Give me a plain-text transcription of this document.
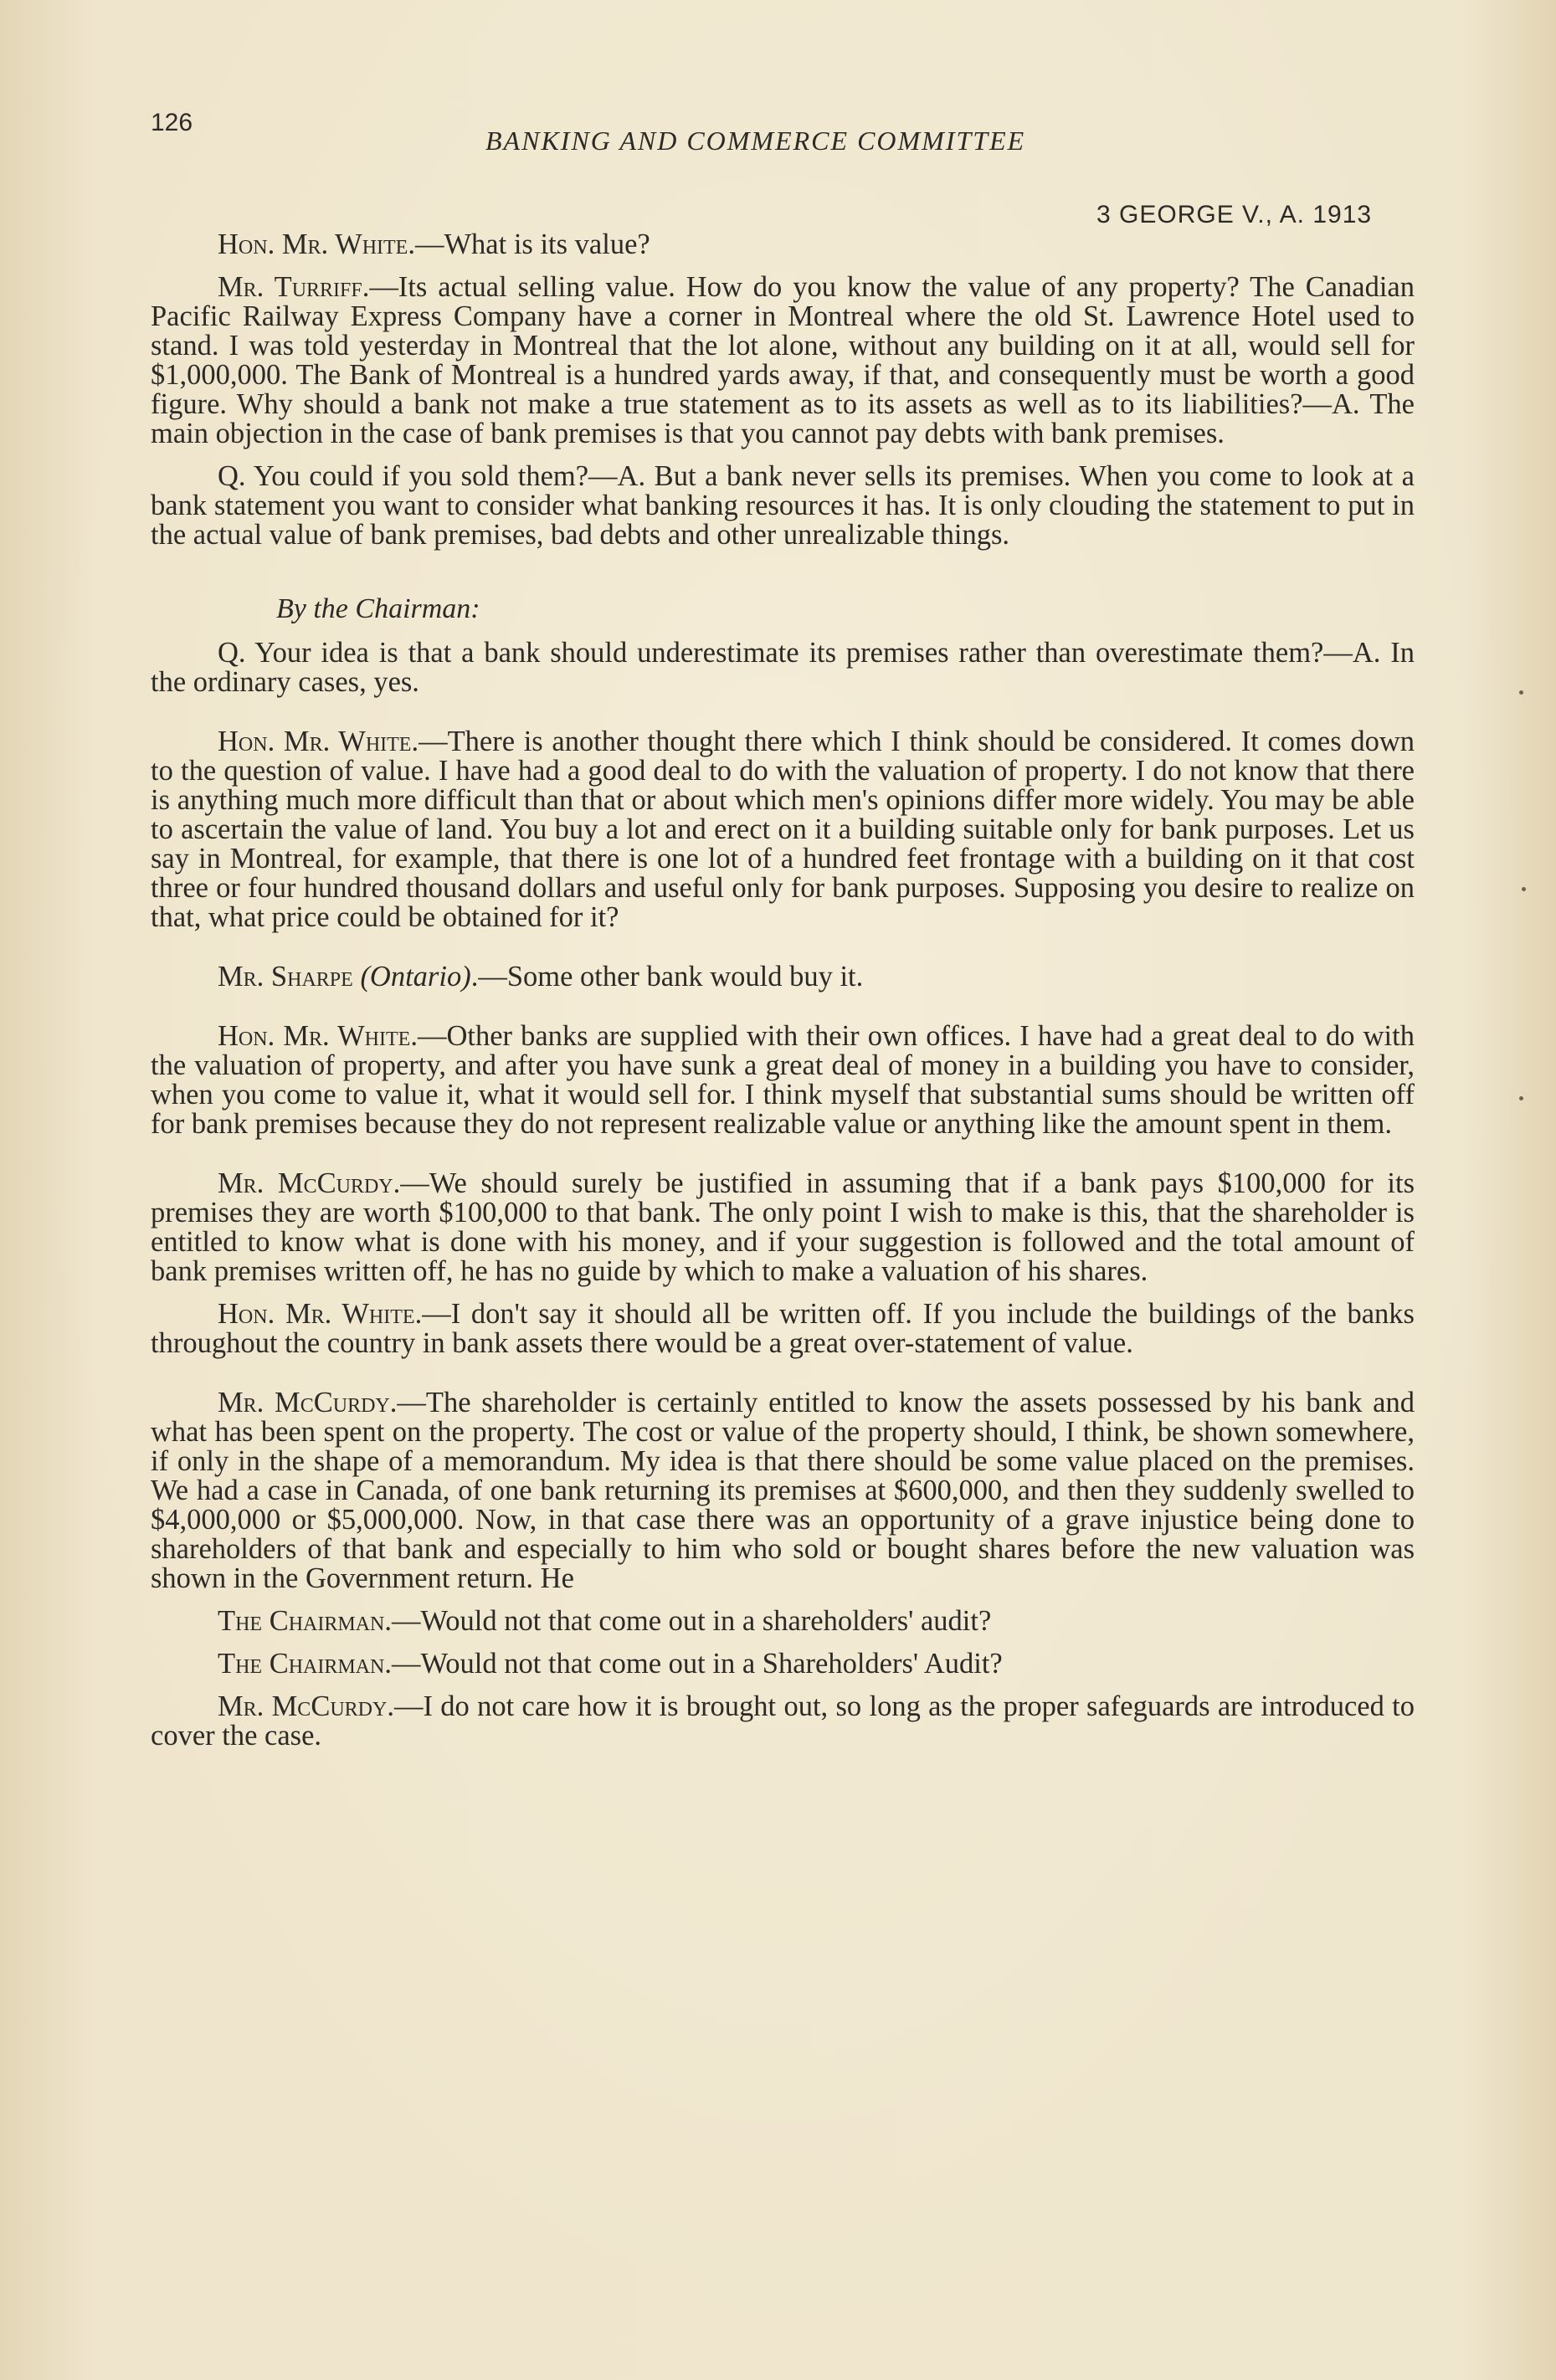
126
BANKING AND COMMERCE COMMITTEE
3 GEORGE V., A. 1913

Hon. Mr. White.—What is its value?

Mr. Turriff.—Its actual selling value. How do you know the value of any property? The Canadian Pacific Railway Express Company have a corner in Montreal where the old St. Lawrence Hotel used to stand. I was told yesterday in Montreal that the lot alone, without any building on it at all, would sell for $1,000,000. The Bank of Montreal is a hundred yards away, if that, and consequently must be worth a good figure. Why should a bank not make a true statement as to its assets as well as to its liabilities?—A. The main objection in the case of bank premises is that you cannot pay debts with bank premises.

Q. You could if you sold them?—A. But a bank never sells its premises. When you come to look at a bank statement you want to consider what banking resources it has. It is only clouding the statement to put in the actual value of bank premises, bad debts and other unrealizable things.

By the Chairman:

Q. Your idea is that a bank should underestimate its premises rather than overestimate them?—A. In the ordinary cases, yes.

Hon. Mr. White.—There is another thought there which I think should be considered. It comes down to the question of value. I have had a good deal to do with the valuation of property. I do not know that there is anything much more difficult than that or about which men's opinions differ more widely. You may be able to ascertain the value of land. You buy a lot and erect on it a building suitable only for bank purposes. Let us say in Montreal, for example, that there is one lot of a hundred feet frontage with a building on it that cost three or four hundred thousand dollars and useful only for bank purposes. Supposing you desire to realize on that, what price could be obtained for it?

Mr. Sharpe (Ontario).—Some other bank would buy it.

Hon. Mr. White.—Other banks are supplied with their own offices. I have had a great deal to do with the valuation of property, and after you have sunk a great deal of money in a building you have to consider, when you come to value it, what it would sell for. I think myself that substantial sums should be written off for bank premises because they do not represent realizable value or anything like the amount spent in them.

Mr. McCurdy.—We should surely be justified in assuming that if a bank pays $100,000 for its premises they are worth $100,000 to that bank. The only point I wish to make is this, that the shareholder is entitled to know what is done with his money, and if your suggestion is followed and the total amount of bank premises written off, he has no guide by which to make a valuation of his shares.

Hon. Mr. White.—I don't say it should all be written off. If you include the buildings of the banks throughout the country in bank assets there would be a great over-statement of value.

Mr. McCurdy.—The shareholder is certainly entitled to know the assets possessed by his bank and what has been spent on the property. The cost or value of the property should, I think, be shown somewhere, if only in the shape of a memorandum. My idea is that there should be some value placed on the premises. We had a case in Canada, of one bank returning its premises at $600,000, and then they suddenly swelled to $4,000,000 or $5,000,000. Now, in that case there was an opportunity of a grave injustice being done to shareholders of that bank and especially to him who sold or bought shares before the new valuation was shown in the Government return. He

The Chairman.—Would not that come out in a shareholders' audit?

The Chairman.—Would not that come out in a Shareholders' Audit?

Mr. McCurdy.—I do not care how it is brought out, so long as the proper safeguards are introduced to cover the case.
